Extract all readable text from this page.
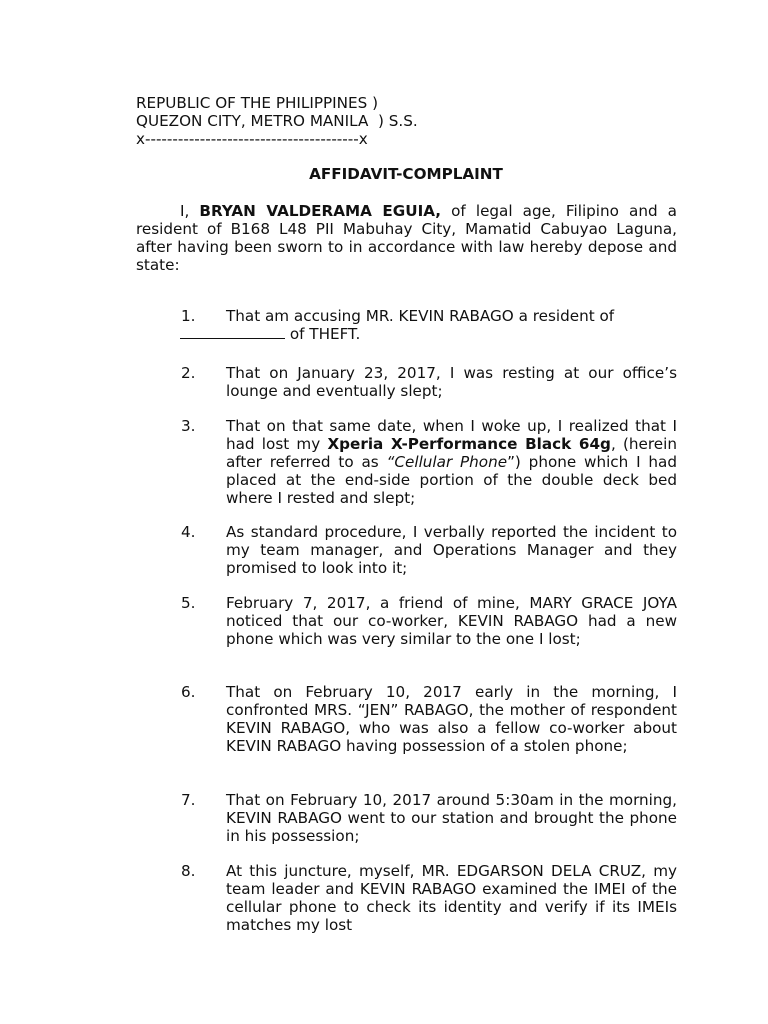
REPUBLIC OF THE PHILIPPINES )
QUEZON CITY, METRO MANILA  ) S.S.
x---------------------------------------x
AFFIDAVIT-COMPLAINT
I, BRYAN VALDERAMA EGUIA, of legal age, Filipino and a resident of B168 L48 PII Mabuhay City, Mamatid Cabuyao Laguna, after having been sworn to in accordance with law hereby depose and state:
1.	That am accusing MR. KEVIN RABAGO a resident of
of THEFT.
2.	That on January 23, 2017, I was resting at our office’s lounge and eventually slept;
3.	That on that same date, when I woke up, I realized that I had lost my Xperia X-Performance Black 64g, (herein after referred to as “Cellular Phone”) phone which I had placed at the end-side portion of the double deck bed where I rested and slept;
4.	As standard procedure, I verbally reported the incident to my team manager, and Operations Manager and they promised to look into it;
5.	February 7, 2017, a friend of mine, MARY GRACE JOYA noticed that our co-worker, KEVIN RABAGO had a new phone which was very similar to the one I lost;
6.	That on February 10, 2017 early in the morning, I confronted MRS. “JEN” RABAGO, the mother of respondent KEVIN RABAGO, who was also a fellow co-worker about KEVIN RABAGO having possession of a stolen phone;
7.	That on February 10, 2017 around 5:30am in the morning, KEVIN RABAGO went to our station and brought the phone in his possession;
8.	At this juncture, myself, MR. EDGARSON DELA CRUZ, my team leader and KEVIN RABAGO examined the IMEI of the cellular phone to check its identity and verify if its IMEIs matches my lost
